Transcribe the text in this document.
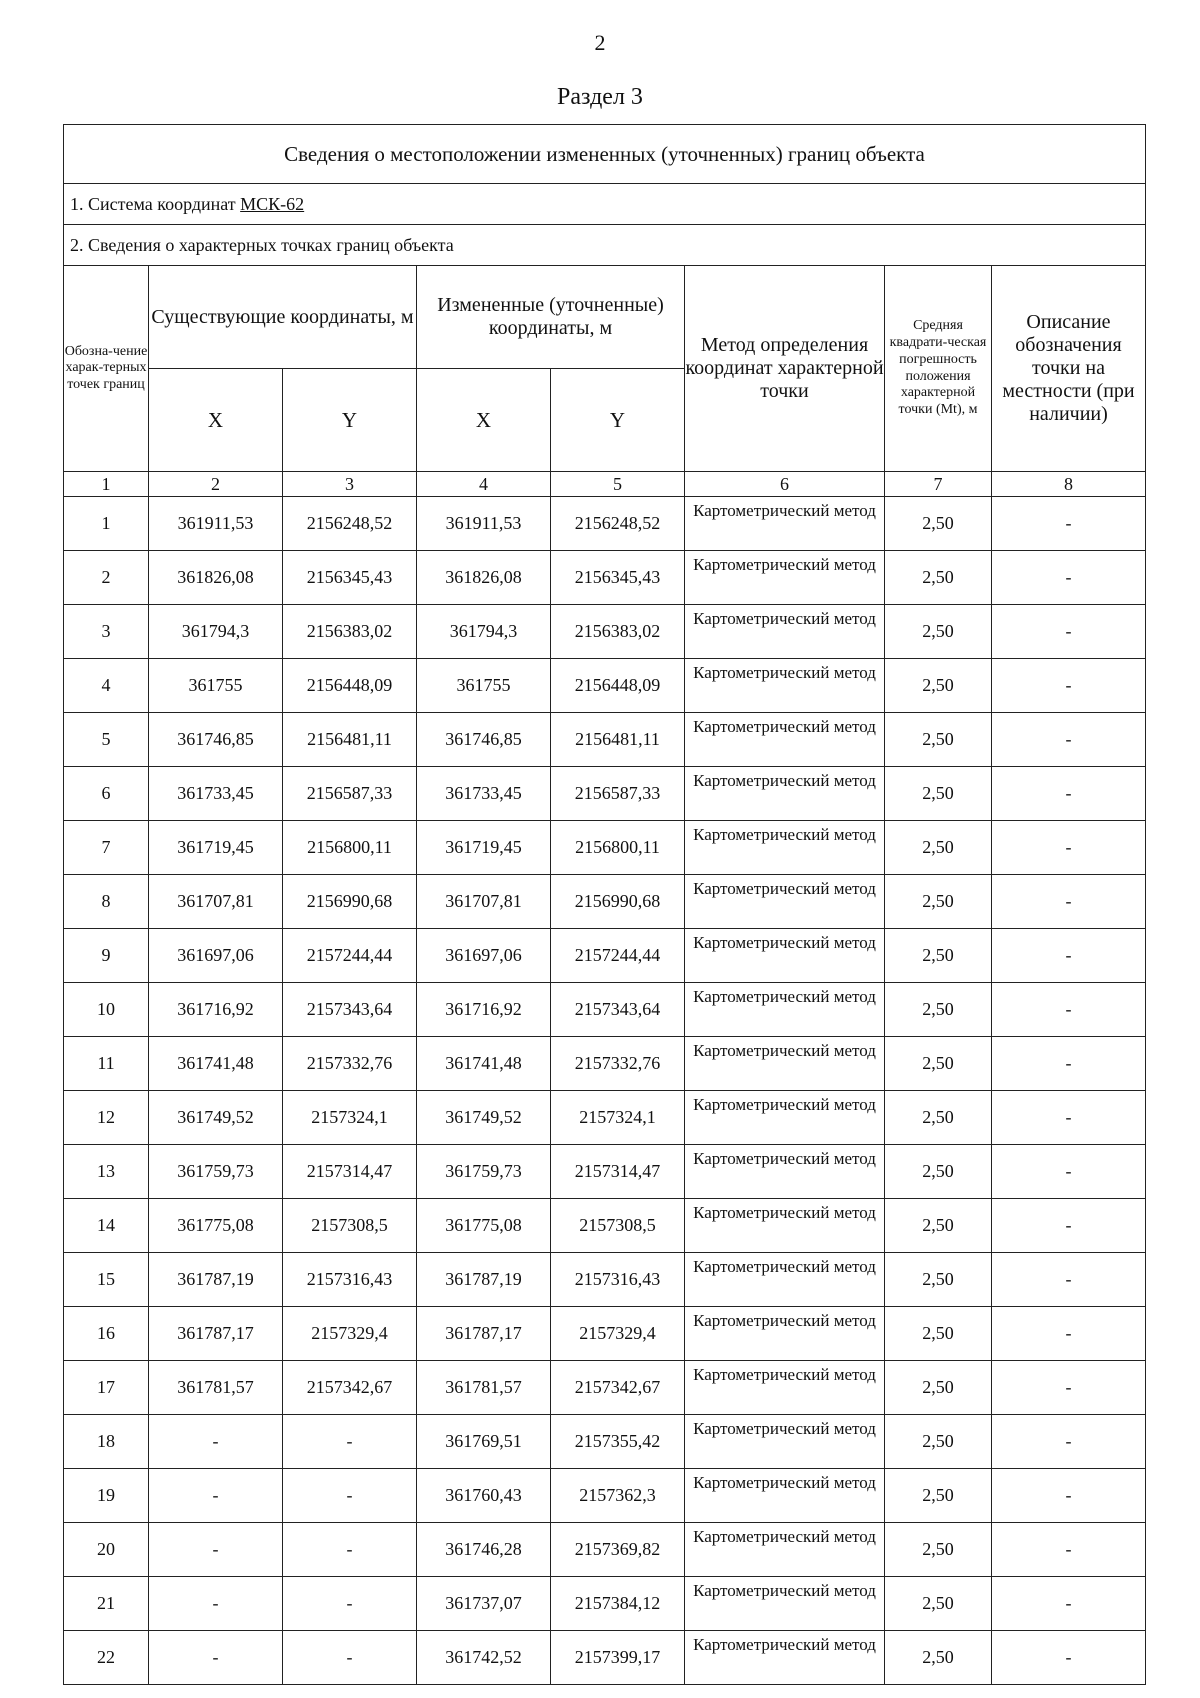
2
Раздел 3
Сведения о местоположении измененных (уточненных) границ объекта							
1. Система координат МСК-62							
2. Сведения о характерных точках границ объекта							
Обозна-чение харак-терных точек границ	Существующие координаты, м		Измененные (уточненные) координаты, м		Метод определения координат характерной точки	Средняя квадрати-ческая погрешность положения характерной точки (Mt), м	Описание обозначения точки на местности (при наличии)
	X	Y	X	Y			
1	2	3	4	5	6	7	8
1	361911,53	2156248,52	361911,53	2156248,52	Картометрический метод	2,50	-
2	361826,08	2156345,43	361826,08	2156345,43	Картометрический метод	2,50	-
3	361794,3	2156383,02	361794,3	2156383,02	Картометрический метод	2,50	-
4	361755	2156448,09	361755	2156448,09	Картометрический метод	2,50	-
5	361746,85	2156481,11	361746,85	2156481,11	Картометрический метод	2,50	-
6	361733,45	2156587,33	361733,45	2156587,33	Картометрический метод	2,50	-
7	361719,45	2156800,11	361719,45	2156800,11	Картометрический метод	2,50	-
8	361707,81	2156990,68	361707,81	2156990,68	Картометрический метод	2,50	-
9	361697,06	2157244,44	361697,06	2157244,44	Картометрический метод	2,50	-
10	361716,92	2157343,64	361716,92	2157343,64	Картометрический метод	2,50	-
11	361741,48	2157332,76	361741,48	2157332,76	Картометрический метод	2,50	-
12	361749,52	2157324,1	361749,52	2157324,1	Картометрический метод	2,50	-
13	361759,73	2157314,47	361759,73	2157314,47	Картометрический метод	2,50	-
14	361775,08	2157308,5	361775,08	2157308,5	Картометрический метод	2,50	-
15	361787,19	2157316,43	361787,19	2157316,43	Картометрический метод	2,50	-
16	361787,17	2157329,4	361787,17	2157329,4	Картометрический метод	2,50	-
17	361781,57	2157342,67	361781,57	2157342,67	Картометрический метод	2,50	-
18	-	-	361769,51	2157355,42	Картометрический метод	2,50	-
19	-	-	361760,43	2157362,3	Картометрический метод	2,50	-
20	-	-	361746,28	2157369,82	Картометрический метод	2,50	-
21	-	-	361737,07	2157384,12	Картометрический метод	2,50	-
22	-	-	361742,52	2157399,17	Картометрический метод	2,50	-
